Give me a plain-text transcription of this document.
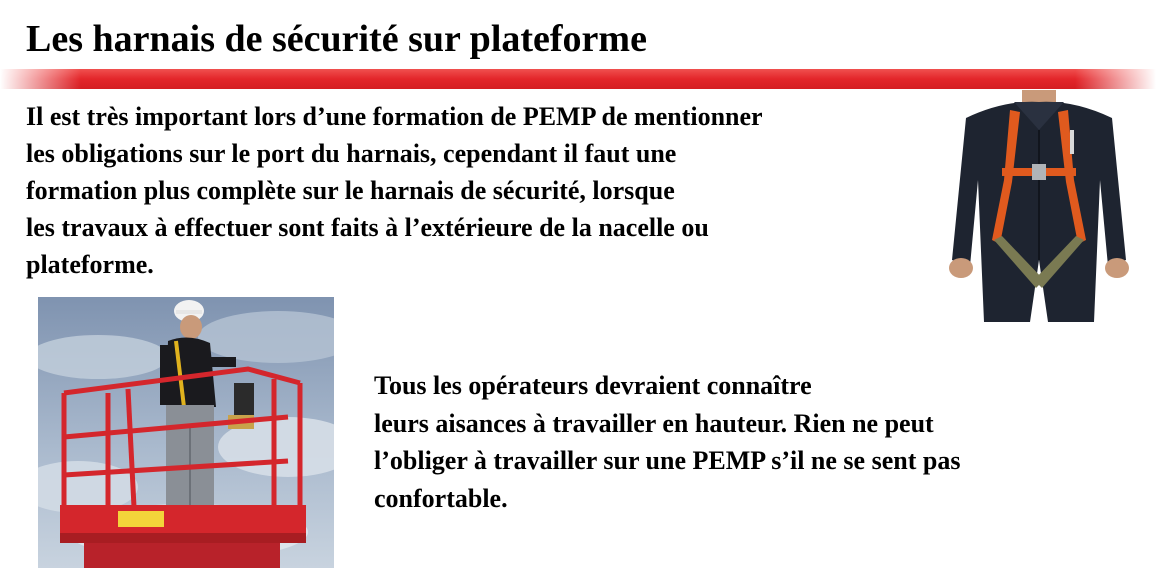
Les harnais de sécurité sur plateforme
Il est très important lors d’une formation de PEMP de mentionner
les obligations sur le port du harnais, cependant il faut une
formation plus complète sur le harnais de sécurité, lorsque
les travaux à effectuer sont faits à l’extérieure de la nacelle ou
plateforme.
Tous les opérateurs devraient connaître
leurs aisances à travailler en hauteur. Rien ne peut
l’obliger à travailler sur une PEMP s’il ne se sent pas
confortable.
